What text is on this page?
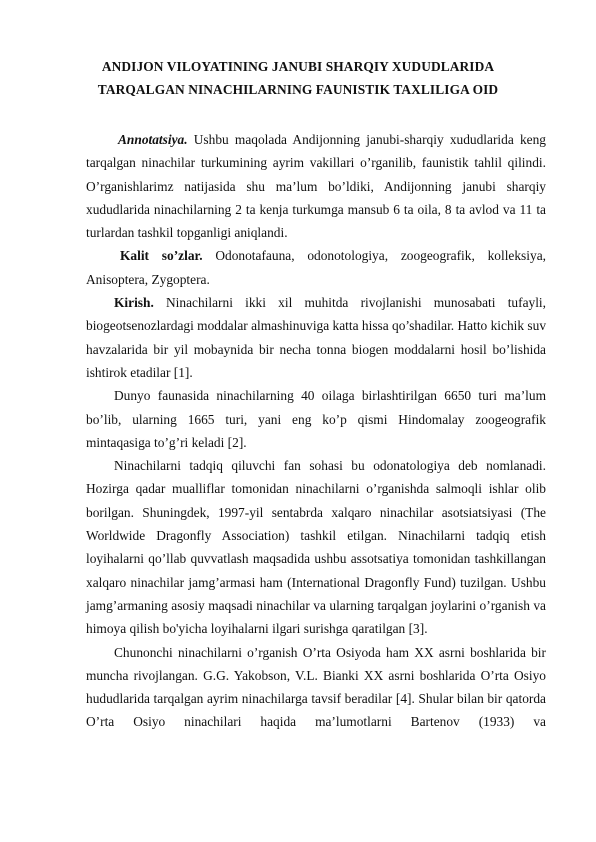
ANDIJON VILOYATINING JANUBI SHARQIY XUDUDLARIDA
TARQALGAN NINACHILARNING FAUNISTIK TAXLILIGA OID

Annotatsiya. Ushbu maqolada Andijonning janubi-sharqiy xududlarida keng tarqalgan ninachilar turkumining ayrim vakillari o’rganilib, faunistik tahlil qilindi. O’rganishlarimz natijasida shu ma’lum bo’ldiki, Andijonning janubi sharqiy xududlarida ninachilarning 2 ta kenja turkumga mansub 6 ta oila, 8 ta avlod va 11 ta turlardan tashkil topganligi aniqlandi.

Kalit so’zlar. Odonotafauna, odonotologiya, zoogeografik, kolleksiya, Anisoptera, Zygoptera.

Kirish. Ninachilarni ikki xil muhitda rivojlanishi munosabati tufayli, biogeotsenozlardagi moddalar almashinuviga katta hissa qo’shadilar. Hatto kichik suv havzalarida bir yil mobaynida bir necha tonna biogen moddalarni hosil bo’lishida ishtirok etadilar [1].

Dunyo faunasida ninachilarning 40 oilaga birlashtirilgan 6650 turi ma’lum bo’lib, ularning 1665 turi, yani eng ko’p qismi Hindomalay zoogeografik mintaqasiga to’g’ri keladi [2].

Ninachilarni tadqiq qiluvchi fan sohasi bu odonatologiya deb nomlanadi. Hozirga qadar mualliflar tomonidan ninachilarni o’rganishda salmoqli ishlar olib borilgan. Shuningdek, 1997-yil sentabrda xalqaro ninachilar asotsiatsiyasi (The Worldwide Dragonfly Association) tashkil etilgan. Ninachilarni tadqiq etish loyihalarni qo’llab quvvatlash maqsadida ushbu assotsatiya tomonidan tashkillangan xalqaro ninachilar jamg’armasi ham (International Dragonfly Fund) tuzilgan. Ushbu jamg’armaning asosiy maqsadi ninachilar va ularning tarqalgan joylarini o’rganish va himoya qilish bo'yicha loyihalarni ilgari surishga qaratilgan [3].

Chunonchi ninachilarni o’rganish O’rta Osiyoda ham XX asrni boshlarida bir muncha rivojlangan. G.G. Yakobson, V.L. Bianki XX asrni boshlarida O’rta Osiyo hududlarida tarqalgan ayrim ninachilarga tavsif beradilar [4]. Shular bilan bir qatorda O’rta Osiyo ninachilari haqida ma’lumotlarni Bartenov (1933) va
